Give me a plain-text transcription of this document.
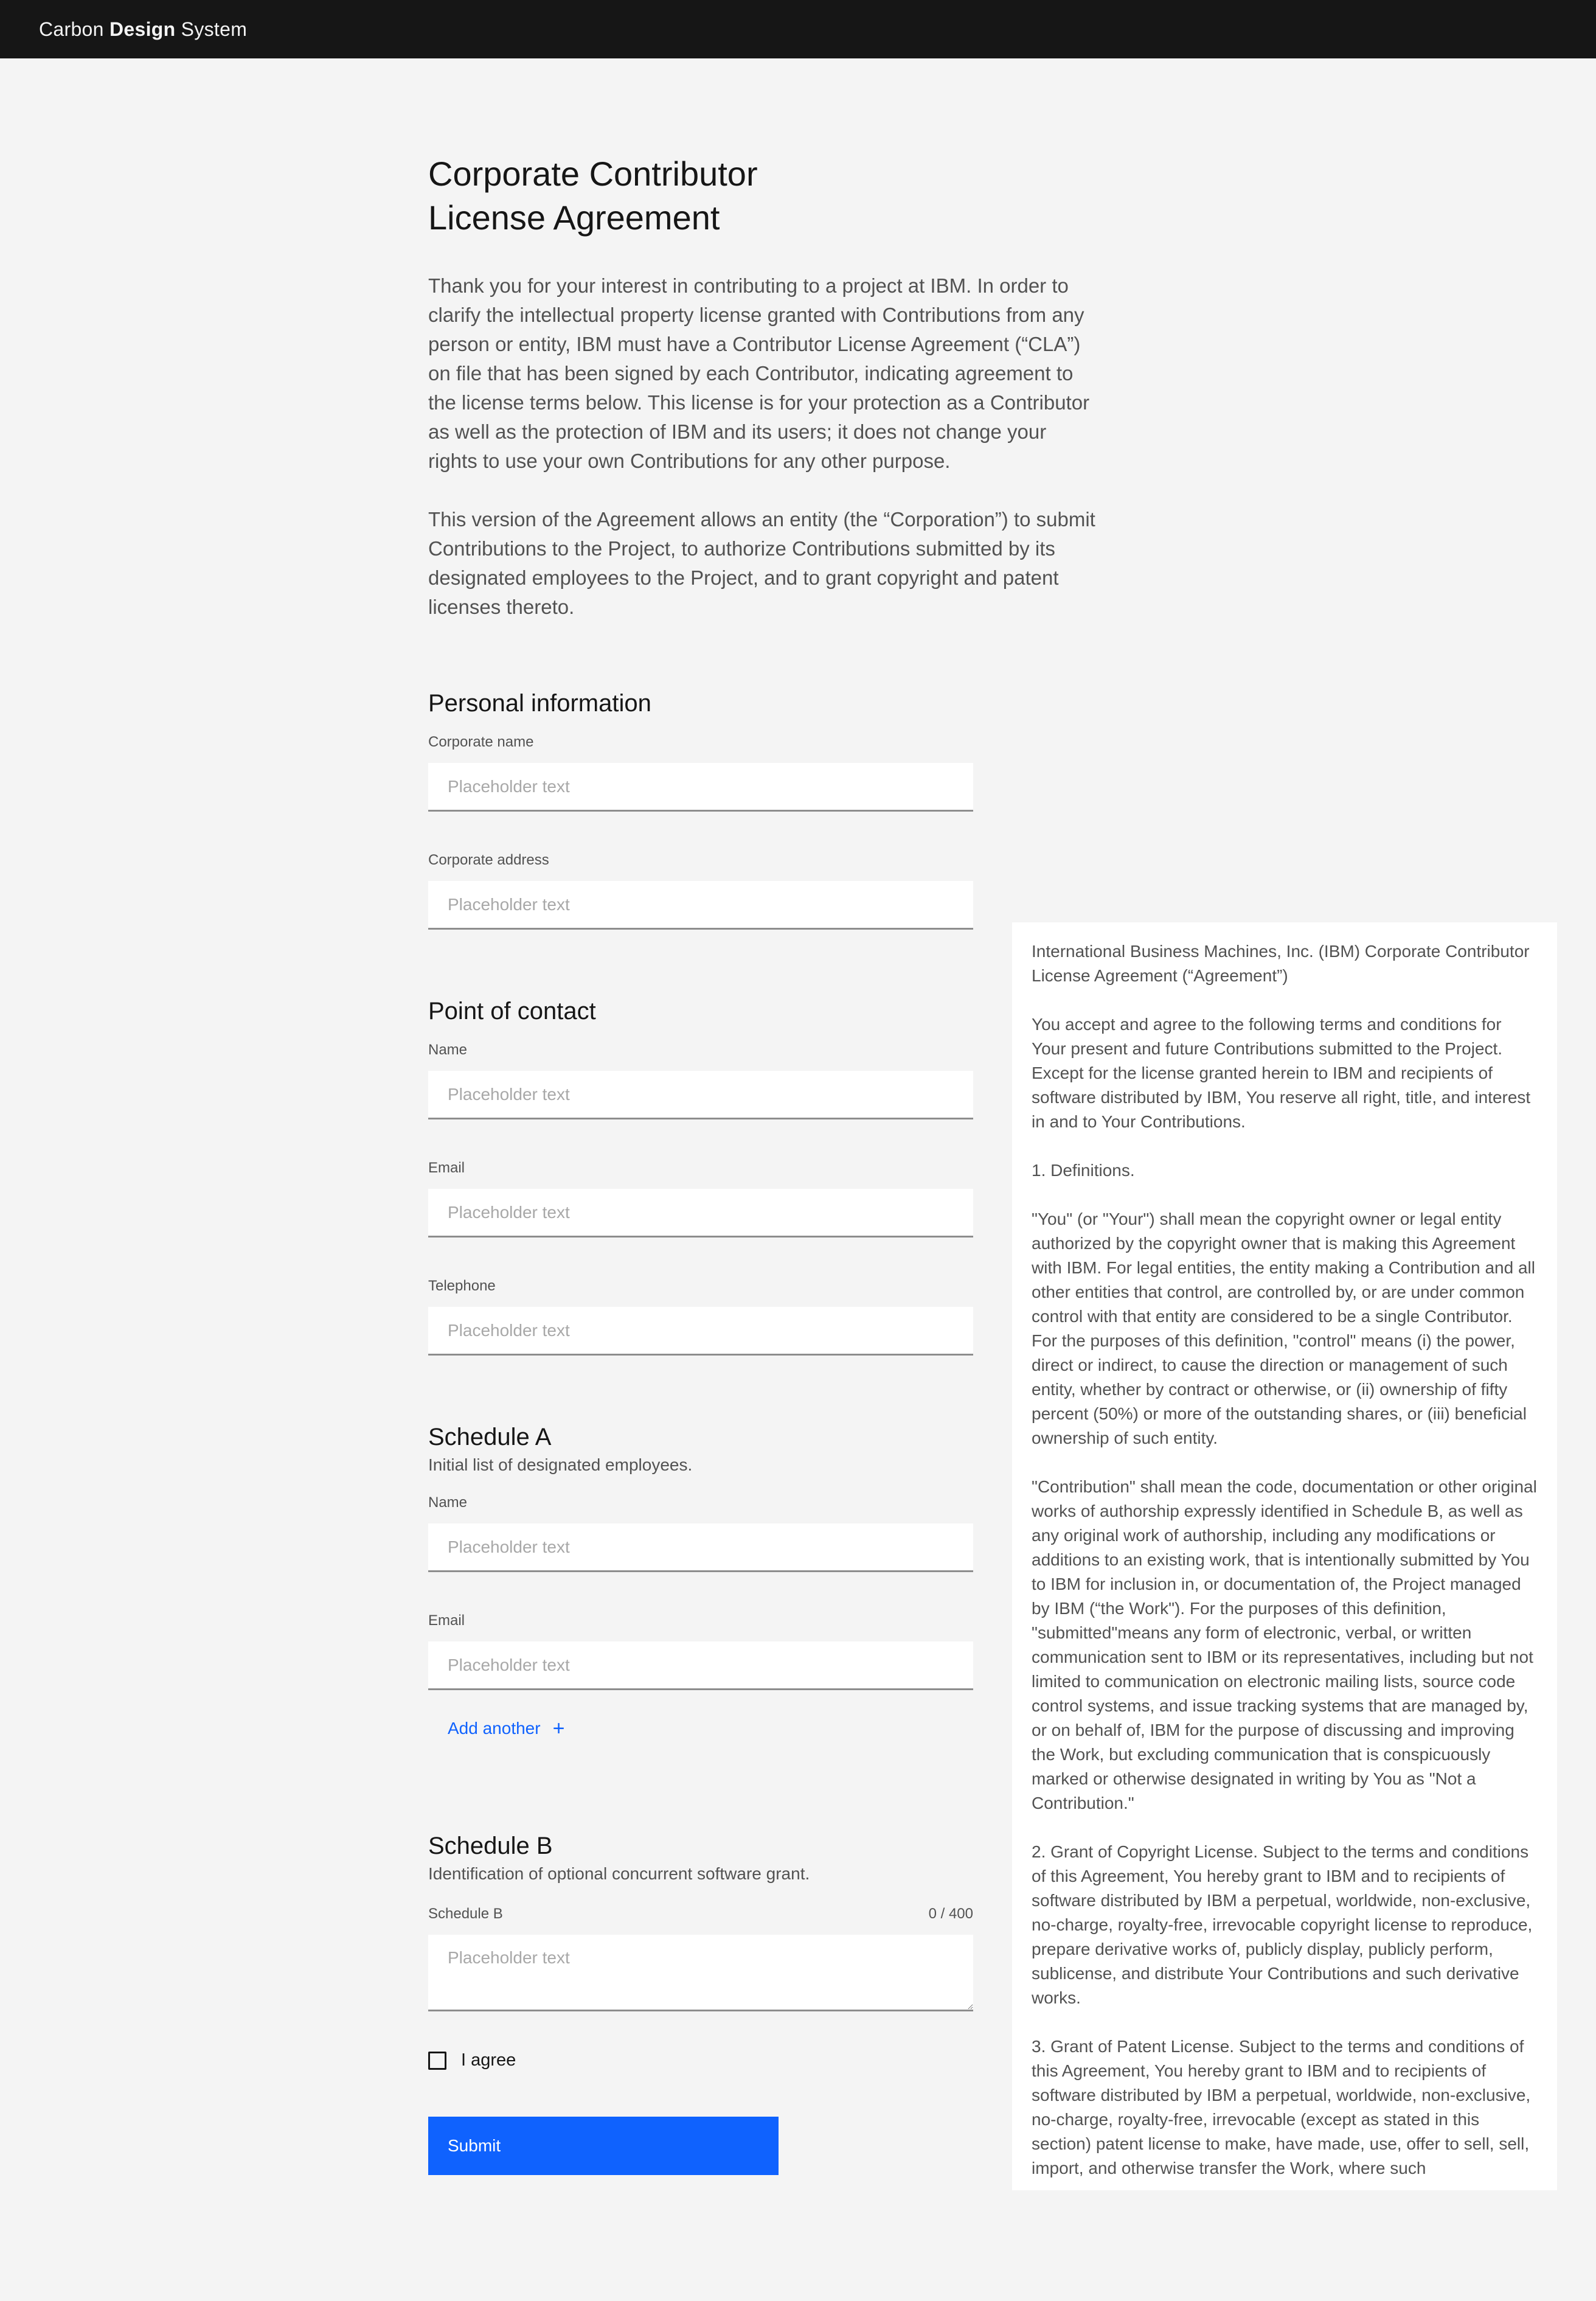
Carbon Design System
Corporate Contributor
License Agreement

Thank you for your interest in contributing to a project at IBM. In order to clarify the intellectual property license granted with Contributions from any person or entity, IBM must have a Contributor License Agreement (“CLA”) on file that has been signed by each Contributor, indicating agreement to the license terms below. This license is for your protection as a Contributor as well as the protection of IBM and its users; it does not change your rights to use your own Contributions for any other purpose.

This version of the Agreement allows an entity (the “Corporation”) to submit Contributions to the Project, to authorize Contributions submitted by its designated employees to the Project, and to grant copyright and patent licenses thereto.

Personal information
Corporate name
Placeholder text
Corporate address
Placeholder text
Point of contact
Name
Placeholder text
Email
Placeholder text
Telephone
Placeholder text
Schedule A

Initial list of designated employees.

Name
Placeholder text
Email
Placeholder text
Add another +
Schedule B

Identification of optional concurrent software grant.

Schedule B	0 / 400
Placeholder text
I agree
Submit

International Business Machines, Inc. (IBM) Corporate Contributor License Agreement (“Agreement”)

You accept and agree to the following terms and conditions for Your present and future Contributions submitted to the Project. Except for the license granted herein to IBM and recipients of software distributed by IBM, You reserve all right, title, and interest in and to Your Contributions.

1. Definitions.

"You" (or "Your") shall mean the copyright owner or legal entity authorized by the copyright owner that is making this Agreement with IBM. For legal entities, the entity making a Contribution and all other entities that control, are controlled by, or are under common control with that entity are considered to be a single Contributor. For the purposes of this definition, "control" means (i) the power, direct or indirect, to cause the direction or management of such entity, whether by contract or otherwise, or (ii) ownership of fifty percent (50%) or more of the outstanding shares, or (iii) beneficial ownership of such entity.

"Contribution" shall mean the code, documentation or other original works of authorship expressly identified in Schedule B, as well as any original work of authorship, including any modifications or additions to an existing work, that is intentionally submitted by You to IBM for inclusion in, or documentation of, the Project managed by IBM (“the Work"). For the purposes of this definition, "submitted"means any form of electronic, verbal, or written communication sent to IBM or its representatives, including but not limited to communication on electronic mailing lists, source code control systems, and issue tracking systems that are managed by, or on behalf of, IBM for the purpose of discussing and improving the Work, but excluding communication that is conspicuously marked or otherwise designated in writing by You as "Not a Contribution."

2. Grant of Copyright License. Subject to the terms and conditions of this Agreement, You hereby grant to IBM and to recipients of software distributed by IBM a perpetual, worldwide, non-exclusive, no-charge, royalty-free, irrevocable copyright license to reproduce, prepare derivative works of, publicly display, publicly perform, sublicense, and distribute Your Contributions and such derivative works.

3. Grant of Patent License. Subject to the terms and conditions of this Agreement, You hereby grant to IBM and to recipients of software distributed by IBM a perpetual, worldwide, non-exclusive, no-charge, royalty-free, irrevocable (except as stated in this section) patent license to make, have made, use, offer to sell, sell, import, and otherwise transfer the Work, where such
